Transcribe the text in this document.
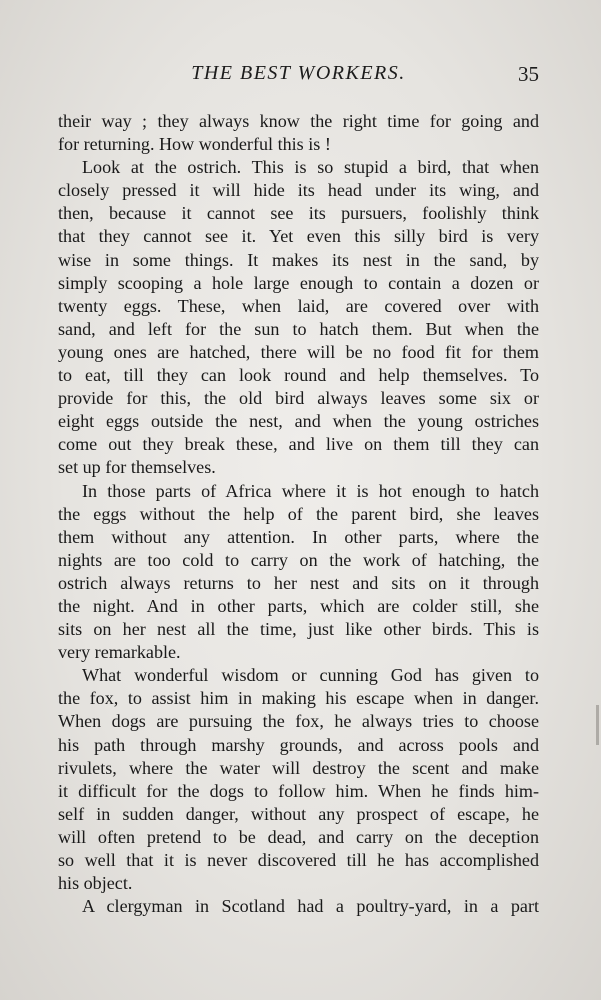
THE BEST WORKERS.	35

their way ; they always know the right time for going and
for returning. How wonderful this is !

Look at the ostrich. This is so stupid a bird, that when
closely pressed it will hide its head under its wing, and
then, because it cannot see its pursuers, foolishly think
that they cannot see it. Yet even this silly bird is very
wise in some things. It makes its nest in the sand, by
simply scooping a hole large enough to contain a dozen or
twenty eggs. These, when laid, are covered over with
sand, and left for the sun to hatch them. But when the
young ones are hatched, there will be no food fit for them
to eat, till they can look round and help themselves. To
provide for this, the old bird always leaves some six or
eight eggs outside the nest, and when the young ostriches
come out they break these, and live on them till they can
set up for themselves.

In those parts of Africa where it is hot enough to hatch
the eggs without the help of the parent bird, she leaves
them without any attention. In other parts, where the
nights are too cold to carry on the work of hatching, the
ostrich always returns to her nest and sits on it through
the night. And in other parts, which are colder still, she
sits on her nest all the time, just like other birds. This is
very remarkable.

What wonderful wisdom or cunning God has given to
the fox, to assist him in making his escape when in danger.
When dogs are pursuing the fox, he always tries to choose
his path through marshy grounds, and across pools and
rivulets, where the water will destroy the scent and make
it difficult for the dogs to follow him. When he finds him-
self in sudden danger, without any prospect of escape, he
will often pretend to be dead, and carry on the deception
so well that it is never discovered till he has accomplished
his object.

A clergyman in Scotland had a poultry-yard, in a part
